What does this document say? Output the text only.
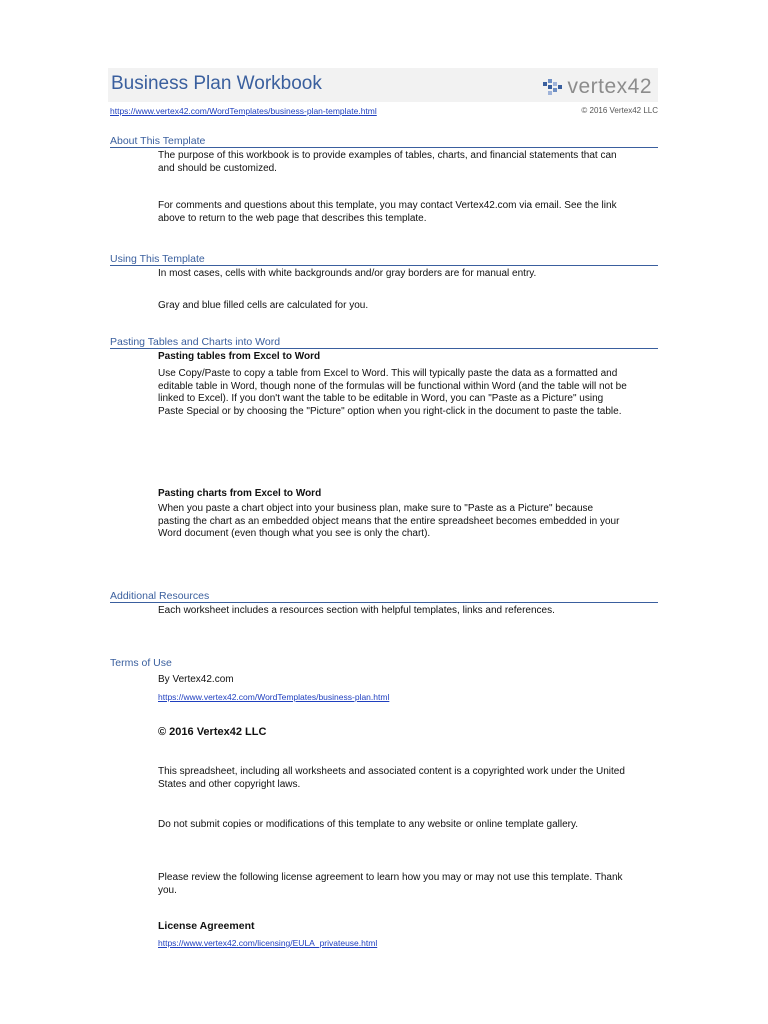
Business Plan Workbook	vertex42
https://www.vertex42.com/WordTemplates/business-plan-template.html	© 2016 Vertex42 LLC
About This Template

The purpose of this workbook is to provide examples of tables, charts, and financial statements that can and should be customized.

For comments and questions about this template, you may contact Vertex42.com via email. See the link above to return to the web page that describes this template.

Using This Template

In most cases, cells with white backgrounds and/or gray borders are for manual entry.

Gray and blue filled cells are calculated for you.

Pasting Tables and Charts into Word

Pasting tables from Excel to Word

Use Copy/Paste to copy a table from Excel to Word. This will typically paste the data as a formatted and editable table in Word, though none of the formulas will be functional within Word (and the table will not be linked to Excel). If you don't want the table to be editable in Word, you can "Paste as a Picture" using Paste Special or by choosing the "Picture" option when you right-click in the document to paste the table.

Pasting charts from Excel to Word

When you paste a chart object into your business plan, make sure to "Paste as a Picture" because pasting the chart as an embedded object means that the entire spreadsheet becomes embedded in your Word document (even though what you see is only the chart).

Additional Resources

Each worksheet includes a resources section with helpful templates, links and references.

Terms of Use

By Vertex42.com

https://www.vertex42.com/WordTemplates/business-plan.html
© 2016 Vertex42 LLC

This spreadsheet, including all worksheets and associated content is a copyrighted work under the United States and other copyright laws.

Do not submit copies or modifications of this template to any website or online template gallery.

Please review the following license agreement to learn how you may or may not use this template. Thank you.

License Agreement
https://www.vertex42.com/licensing/EULA_privateuse.html
